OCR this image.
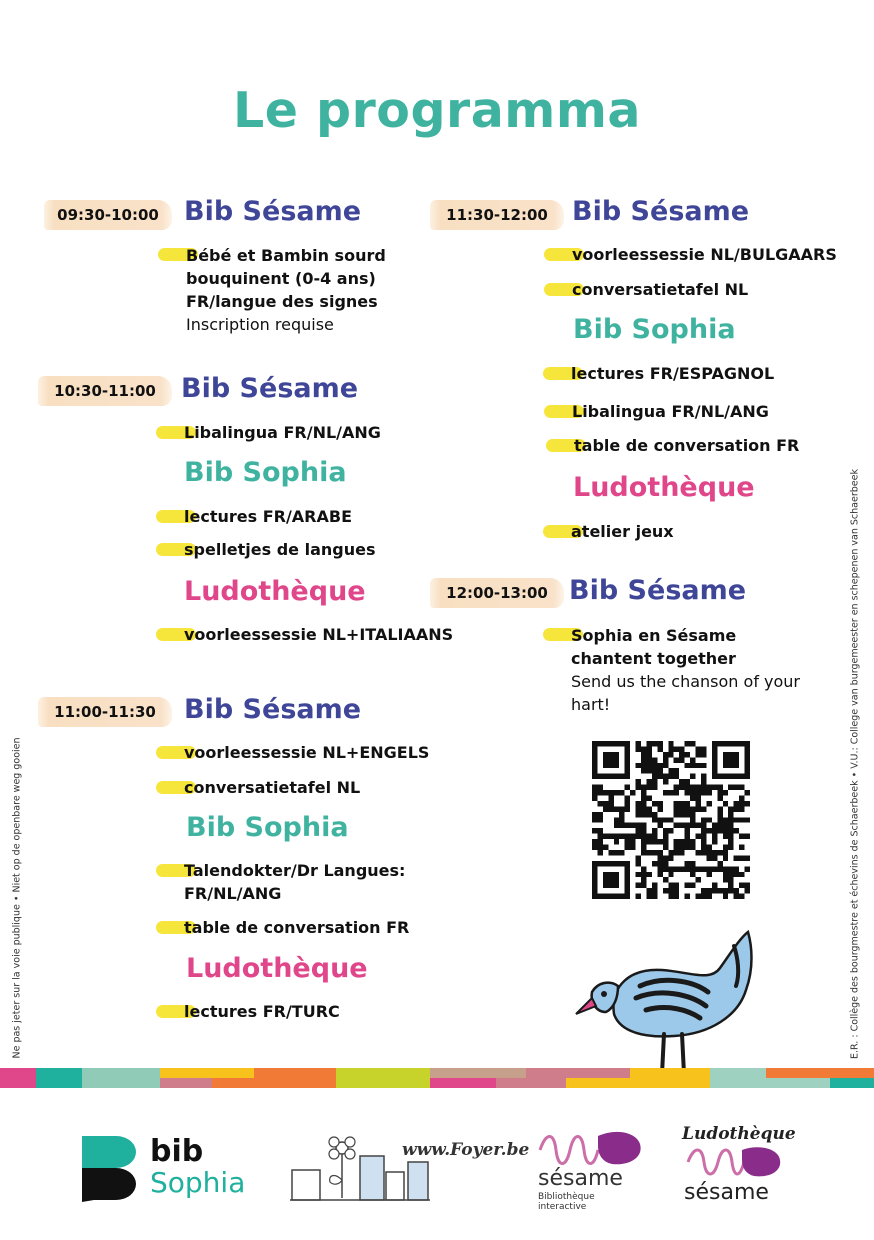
Le programma
09:30-10:00 Bib Sésame
Bébé et Bambin sourd
bouquinent (0-4 ans)
FR/langue des signes
Inscription requise
10:30-11:00 Bib Sésame
Libalingua FR/NL/ANG
Bib Sophia
lectures FR/ARABE
spelletjes de langues
Ludothèque
voorleessessie NL+ITALIAANS
11:00-11:30	Bib Sésame
voorleessessie NL+ENGELS
conversatietafel NL
Bib Sophia
Talendokter/Dr Langues:
FR/NL/ANG
table de conversation FR
Ludothèque
lectures FR/TURC
11:30-12:00 Bib Sésame
voorleessessie NL/BULGAARS
conversatietafel NL
Bib Sophia
lectures FR/ESPAGNOL
Libalingua FR/NL/ANG
table de conversation FR
Ludothèque
atelier jeux
12:00-13:00 Bib Sésame
Sophia en Sésame
chantent together
Send us the chanson of your
hart!
Ne pas jeter sur la voie publique • Niet op de openbare weg gooien	E.R. : Collège des bourgmestre et échevins de Schaerbeek • V.U.: College van burgemeester en schepenen van Schaerbeek
bib
Sophia
www.Foyer.be
sésame
Bibliothèque interactive
Ludothèque
sésame
